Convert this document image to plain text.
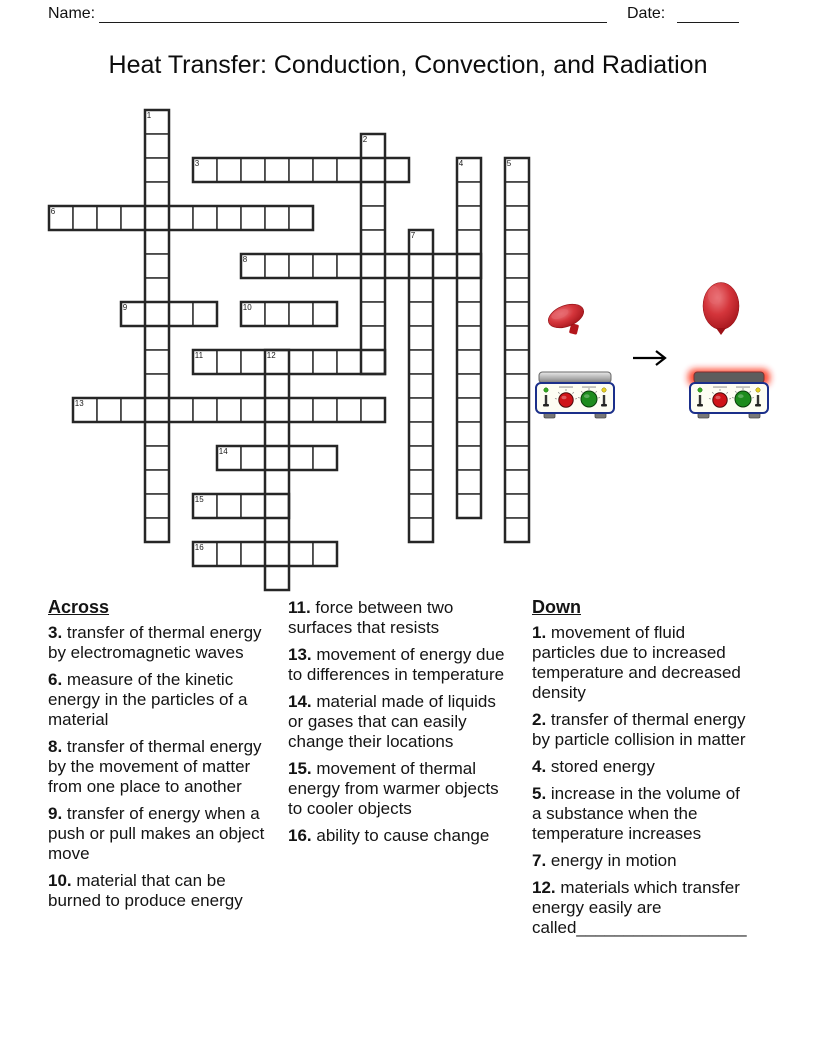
Name:	Date:
Heat Transfer: Conduction, Convection, and Radiation
1
2
3	4	5
6
7
8
9	10
11	12
13
14
15
16
Across
3. transfer of thermal energy by electromagnetic waves
6. measure of the kinetic energy in the particles of a material
8. transfer of thermal energy by the movement of matter from one place to another
9. transfer of energy when a push or pull makes an object move
10. material that can be burned to produce energy
11. force between two surfaces that resists
13. movement of energy due to differences in temperature
14. material made of liquids or gases that can easily change their locations
15. movement of thermal energy from warmer objects to cooler objects
16. ability to cause change
Down
1. movement of fluid particles due to increased temperature and decreased density
2. transfer of thermal energy by particle collision in matter
4. stored energy
5. increase in the volume of a substance when the temperature increases
7. energy in motion
12. materials which transfer energy easily are called__________________
